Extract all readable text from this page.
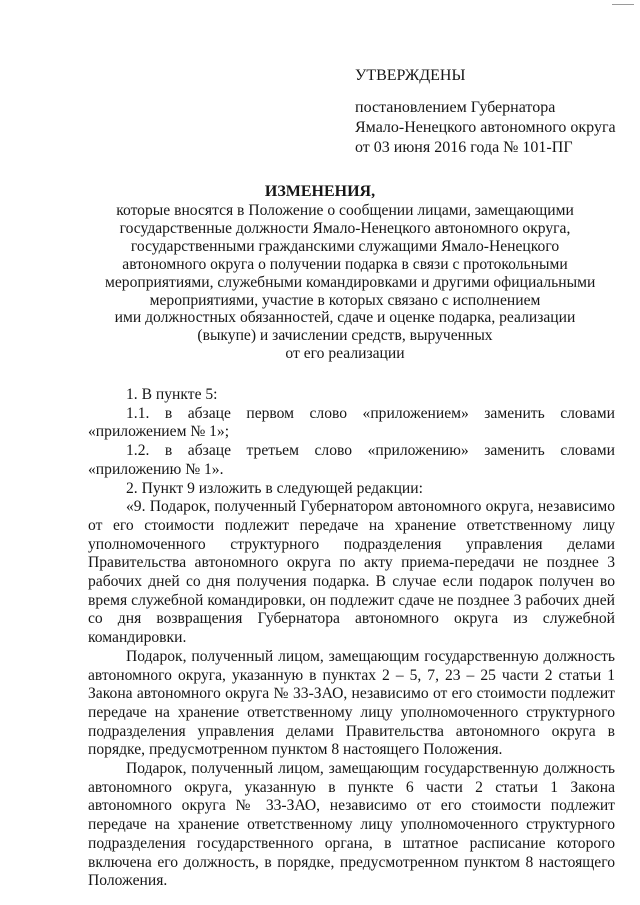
УТВЕРЖДЕНЫ
постановлением Губернатора
Ямало-Ненецкого автономного округа
от 03 июня 2016 года № 101-ПГ
ИЗМЕНЕНИЯ,
которые вносятся в Положение о сообщении лицами, замещающими
государственные должности Ямало-Ненецкого автономного округа,
государственными гражданскими служащими Ямало-Ненецкого
автономного округа о получении подарка в связи с протокольными
мероприятиями, служебными командировками и другими официальными
мероприятиями, участие в которых связано с исполнением
ими должностных обязанностей, сдаче и оценке подарка, реализации
(выкупе) и зачислении средств, вырученных
от его реализации

1. В пункте 5:

1.1. в абзаце первом слово «приложением» заменить словами

«приложением № 1»;

1.2. в абзаце третьем слово «приложению» заменить словами

«приложению № 1».

2. Пункт 9 изложить в следующей редакции:

«9. Подарок, полученный Губернатором автономного округа, независимо от его стоимости подлежит передаче на хранение ответственному лицу уполномоченного структурного подразделения управления делами Правительства автономного округа по акту приема-передачи не позднее 3 рабочих дней со дня получения подарка. В случае если подарок получен во время служебной командировки, он подлежит сдаче не позднее 3 рабочих дней со дня возвращения Губернатора автономного округа из служебной командировки.

Подарок, полученный лицом, замещающим государственную должность автономного округа, указанную в пунктах 2 – 5, 7, 23 – 25 части 2 статьи 1 Закона автономного округа № 33-ЗАО, независимо от его стоимости подлежит передаче на хранение ответственному лицу уполномоченного структурного подразделения управления делами Правительства автономного округа в порядке, предусмотренном пунктом 8 настоящего Положения.

Подарок, полученный лицом, замещающим государственную должность автономного округа, указанную в пункте 6 части 2 статьи 1 Закона автономного округа № 33-ЗАО, независимо от его стоимости подлежит передаче на хранение ответственному лицу уполномоченного структурного подразделения государственного органа, в штатное расписание которого включена его должность, в порядке, предусмотренном пунктом 8 настоящего Положения.
